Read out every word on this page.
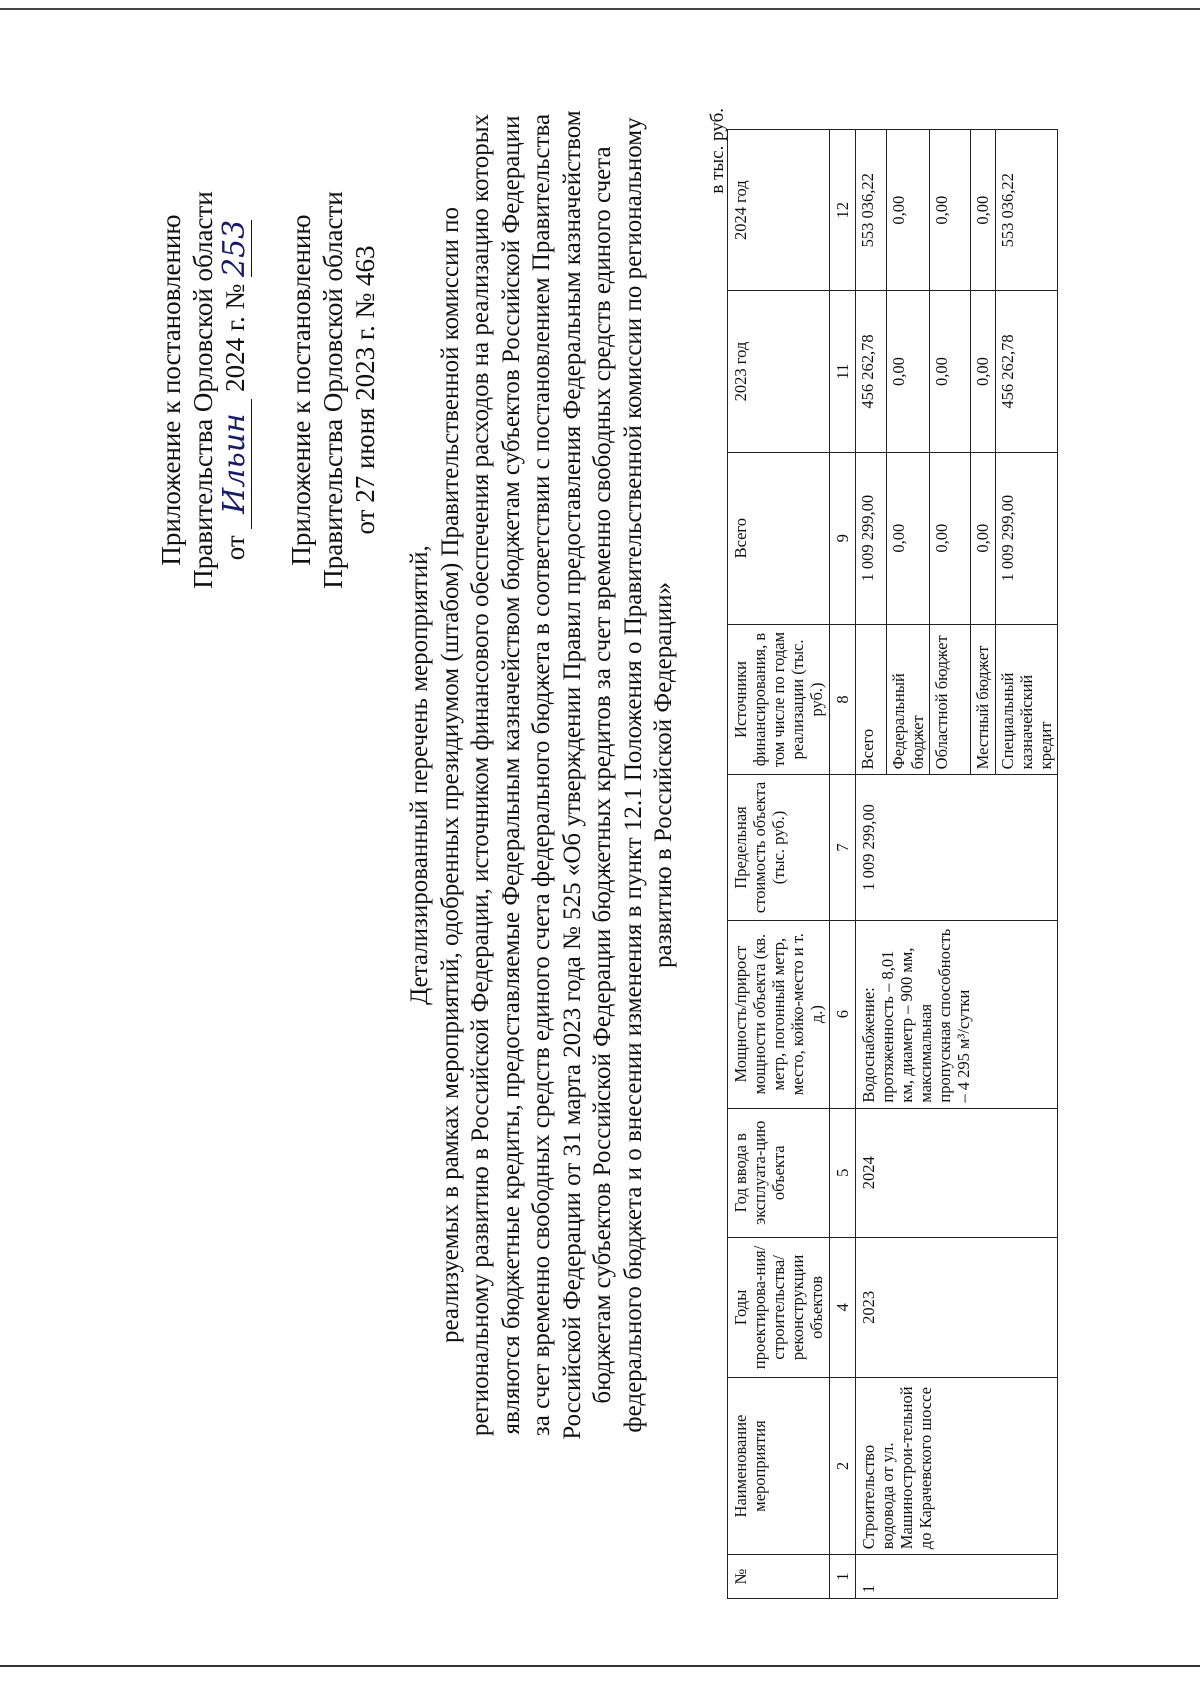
Приложение к постановлению Правительства Орловской области от Ильин 2024 г. № 253 Приложение к постановлению Правительства Орловской области от 27 июня 2023 г. № 463
Детализированный перечень мероприятий, реализуемых в рамках мероприятий, одобренных президиумом (штабом) Правительственной комиссии по региональному развитию в Российской Федерации, источником финансового обеспечения расходов на реализацию которых являются бюджетные кредиты, предоставляемые Федеральным казначейством бюджетам субъектов Российской Федерации за счет временно свободных средств единого счета федерального бюджета в соответствии с постановлением Правительства Российской Федерации от 31 марта 2023 года № 525 «Об утверждении Правил предоставления Федеральным казначейством бюджетам субъектов Российской Федерации бюджетных кредитов за счет временно свободных средств единого счета федерального бюджета и о внесении изменения в пункт 12.1 Положения о Правительственной комиссии по региональному развитию в Российской Федерации»
в тыс. руб.
№	Наименование мероприятия	Годы проектирова-ния/ строительства/ реконструкции объектов	Год ввода в эксплуата-цию объекта	Мощность/прирост мощности объекта (кв. метр, погонный метр, место, койко-место и т. д.)	Предельная стоимость объекта (тыс. руб.)	Источники финансирования, в том числе по годам реализации (тыс. руб.)	Всего	2023 год	2024 год
1	2	4	5	6	7	8	9	11	12
1	Строительство водовода от ул. Машинострои-тельной до Карачевского шоссе	2023	2024	Водоснабжение: протяженность – 8,01 км, диаметр – 900 мм, максимальная пропускная способность – 4 295 м³/сутки	1 009 299,00	Всего	1 009 299,00	456 262,78	553 036,22
						Федеральный бюджет	0,00	0,00	0,00
						Областной бюджет	0,00	0,00	0,00
						Местный бюджет	0,00	0,00	0,00
						Специальный казначейский кредит	1 009 299,00	456 262,78	553 036,22
